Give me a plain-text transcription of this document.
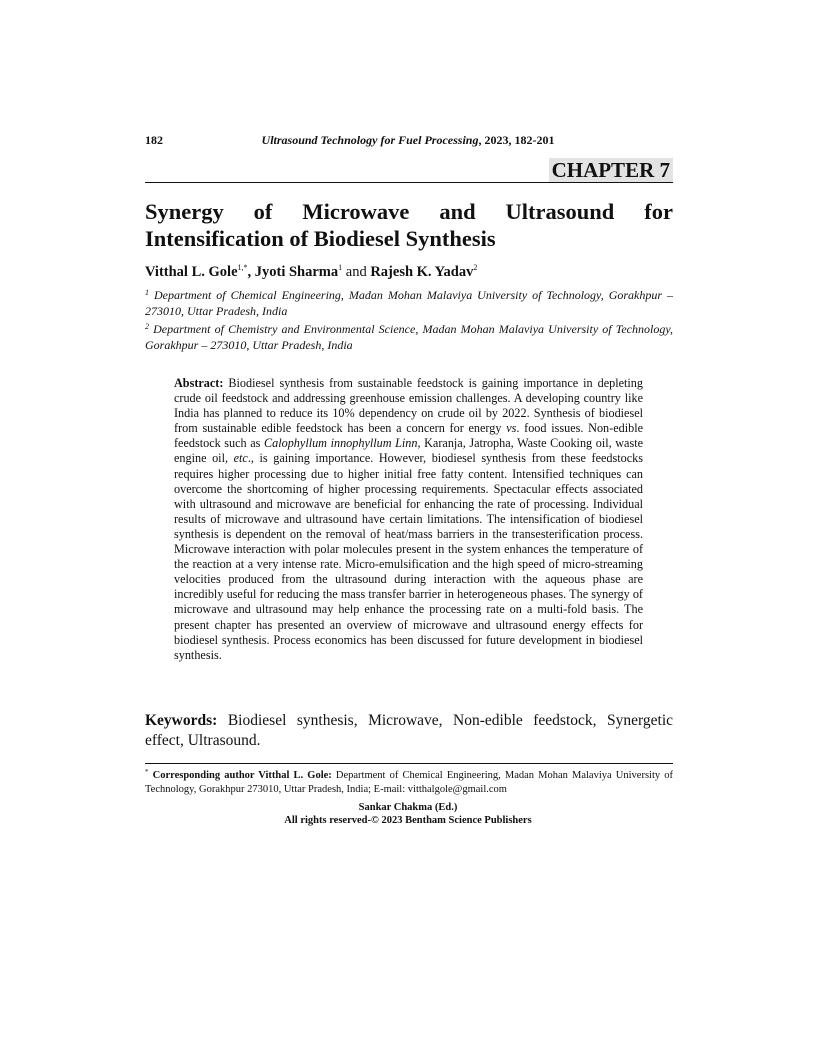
182	Ultrasound Technology for Fuel Processing, 2023, 182-201
CHAPTER 7
Synergy of Microwave and Ultrasound for
Intensification of Biodiesel Synthesis
Vitthal L. Gole$^{1,*}$, Jyoti Sharma$^1$ and Rajesh K. Yadav$^2$
$^1$ Department of Chemical Engineering, Madan Mohan Malaviya University of Technology, Gorakhpur – 273010, Uttar Pradesh, India
$^2$ Department of Chemistry and Environmental Science, Madan Mohan Malaviya University of Technology, Gorakhpur – 273010, Uttar Pradesh, India

Abstract: Biodiesel synthesis from sustainable feedstock is gaining importance in depleting crude oil feedstock and addressing greenhouse emission challenges. A developing country like India has planned to reduce its 10% dependency on crude oil by 2022. Synthesis of biodiesel from sustainable edible feedstock has been a concern for energy vs. food issues. Non-edible feedstock such as Calophyllum innophyllum Linn, Karanja, Jatropha, Waste Cooking oil, waste engine oil, etc., is gaining importance. However, biodiesel synthesis from these feedstocks requires higher processing due to higher initial free fatty content. Intensified techniques can overcome the shortcoming of higher processing requirements. Spectacular effects associated with ultrasound and microwave are beneficial for enhancing the rate of processing. Individual results of microwave and ultrasound have certain limitations. The intensification of biodiesel synthesis is dependent on the removal of heat/mass barriers in the transesterification process. Microwave interaction with polar molecules present in the system enhances the temperature of the reaction at a very intense rate. Micro-emulsification and the high speed of micro-streaming velocities produced from the ultrasound during interaction with the aqueous phase are incredibly useful for reducing the mass transfer barrier in heterogeneous phases. The synergy of microwave and ultrasound may help enhance the processing rate on a multi-fold basis. The present chapter has presented an overview of microwave and ultrasound energy effects for biodiesel synthesis. Process economics has been discussed for future development in biodiesel synthesis.

Keywords: Biodiesel synthesis, Microwave, Non-edible feedstock, Synergetic effect, Ultrasound.

* Corresponding author Vitthal L. Gole: Department of Chemical Engineering, Madan Mohan Malaviya University of Technology, Gorakhpur 273010, Uttar Pradesh, India; E-mail: vitthalgole@gmail.com

Sankar Chakma (Ed.)
All rights reserved-© 2023 Bentham Science Publishers
